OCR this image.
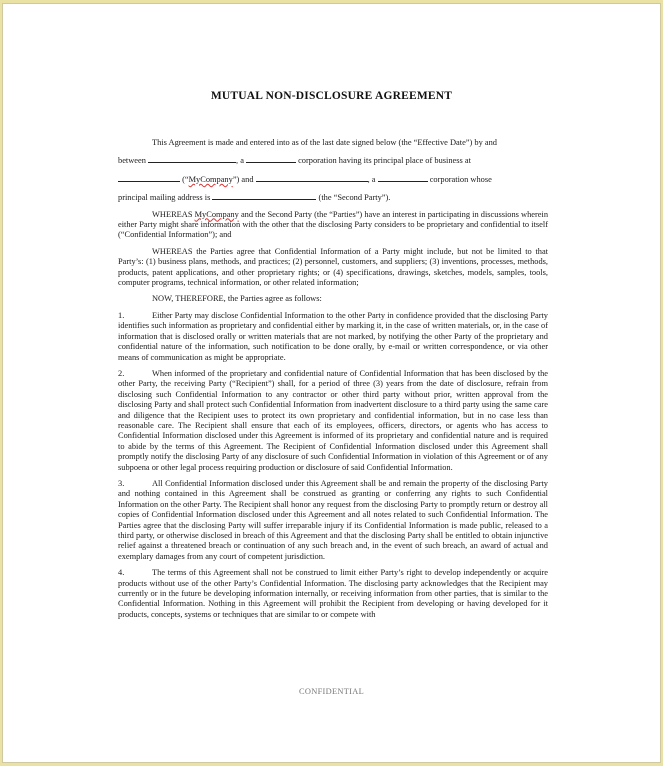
MUTUAL NON-DISCLOSURE AGREEMENT

This Agreement is made and entered into as of the last date signed below (the “Effective Date”) by and

between	, a	corporation having its principal place of business at

(“MyCompany”) and	, a	corporation whose

principal mailing address is	(the “Second Party”).

WHEREAS MyCompany and the Second Party (the “Parties”) have an interest in participating in discussions wherein either Party might share information with the other that the disclosing Party considers to be proprietary and confidential to itself (“Confidential Information”); and

WHEREAS the Parties agree that Confidential Information of a Party might include, but not be limited to that Party’s: (1) business plans, methods, and practices; (2) personnel, customers, and suppliers; (3) inventions, processes, methods, products, patent applications, and other proprietary rights; or (4) specifications, drawings, sketches, models, samples, tools, computer programs, technical information, or other related information;

NOW, THEREFORE, the Parties agree as follows:

1.	Either Party may disclose Confidential Information to the other Party in confidence provided that the disclosing Party identifies such information as proprietary and confidential either by marking it, in the case of written materials, or, in the case of information that is disclosed orally or written materials that are not marked, by notifying the other Party of the proprietary and confidential nature of the information, such notification to be done orally, by e-mail or written correspondence, or via other means of communication as might be appropriate.

2.	When informed of the proprietary and confidential nature of Confidential Information that has been disclosed by the other Party, the receiving Party (“Recipient”) shall, for a period of three (3) years from the date of disclosure, refrain from disclosing such Confidential Information to any contractor or other third party without prior, written approval from the disclosing Party and shall protect such Confidential Information from inadvertent disclosure to a third party using the same care and diligence that the Recipient uses to protect its own proprietary and confidential information, but in no case less than reasonable care. The Recipient shall ensure that each of its employees, officers, directors, or agents who has access to Confidential Information disclosed under this Agreement is informed of its proprietary and confidential nature and is required to abide by the terms of this Agreement. The Recipient of Confidential Information disclosed under this Agreement shall promptly notify the disclosing Party of any disclosure of such Confidential Information in violation of this Agreement or of any subpoena or other legal process requiring production or disclosure of said Confidential Information.

3.	All Confidential Information disclosed under this Agreement shall be and remain the property of the disclosing Party and nothing contained in this Agreement shall be construed as granting or conferring any rights to such Confidential Information on the other Party. The Recipient shall honor any request from the disclosing Party to promptly return or destroy all copies of Confidential Information disclosed under this Agreement and all notes related to such Confidential Information. The Parties agree that the disclosing Party will suffer irreparable injury if its Confidential Information is made public, released to a third party, or otherwise disclosed in breach of this Agreement and that the disclosing Party shall be entitled to obtain injunctive relief against a threatened breach or continuation of any such breach and, in the event of such breach, an award of actual and exemplary damages from any court of competent jurisdiction.

4.	The terms of this Agreement shall not be construed to limit either Party’s right to develop independently or acquire products without use of the other Party’s Confidential Information. The disclosing party acknowledges that the Recipient may currently or in the future be developing information internally, or receiving information from other parties, that is similar to the Confidential Information. Nothing in this Agreement will prohibit the Recipient from developing or having developed for it products, concepts, systems or techniques that are similar to or compete with

CONFIDENTIAL
